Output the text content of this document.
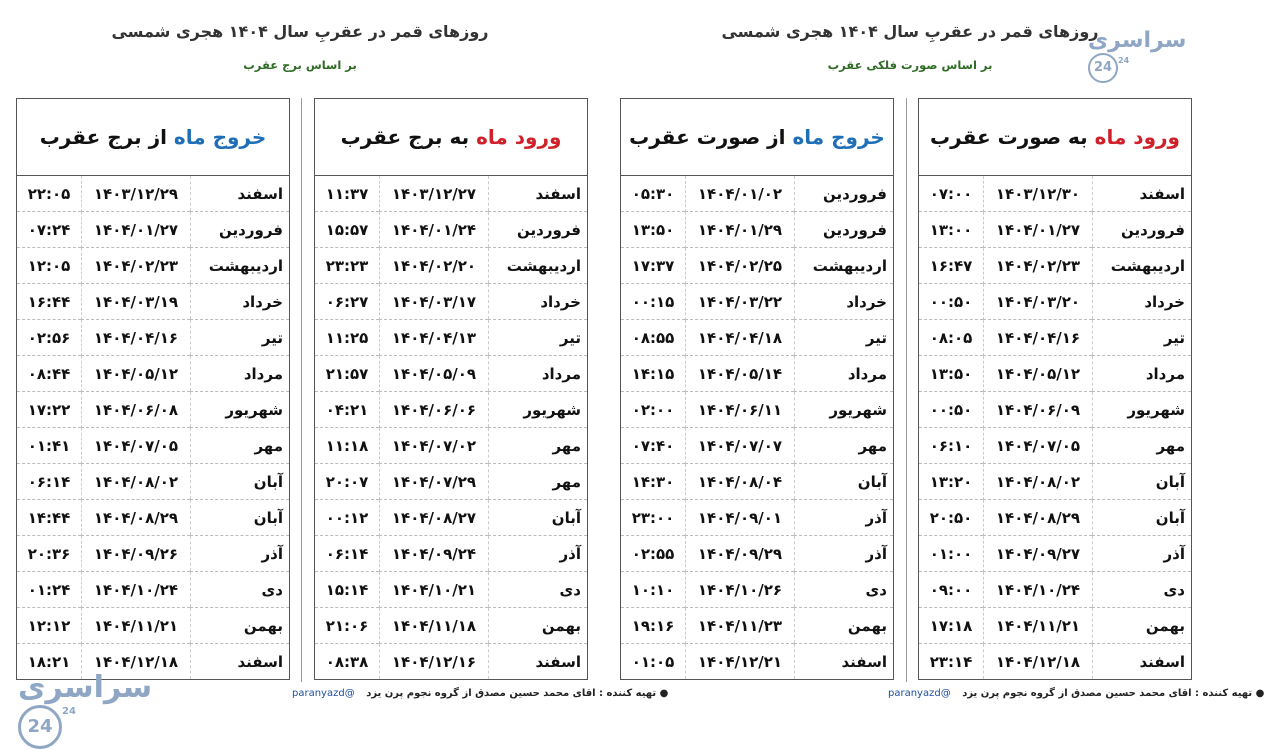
روزهای قمر در عقربِ سال ۱۴۰۴ هجری شمسی
بر اساس برج عقرب
ورود ماه به برج عقرب		
اسفند	۱۴۰۳/۱۲/۲۷	۱۱:۳۷
فروردین	۱۴۰۴/۰۱/۲۴	۱۵:۵۷
اردیبهشت	۱۴۰۴/۰۲/۲۰	۲۳:۲۳
خرداد	۱۴۰۴/۰۳/۱۷	۰۶:۲۷
تیر	۱۴۰۴/۰۴/۱۳	۱۱:۲۵
مرداد	۱۴۰۴/۰۵/۰۹	۲۱:۵۷
شهریور	۱۴۰۴/۰۶/۰۶	۰۴:۲۱
مهر	۱۴۰۴/۰۷/۰۲	۱۱:۱۸
مهر	۱۴۰۴/۰۷/۲۹	۲۰:۰۷
آبان	۱۴۰۴/۰۸/۲۷	۰۰:۱۲
آذر	۱۴۰۴/۰۹/۲۴	۰۶:۱۴
دی	۱۴۰۴/۱۰/۲۱	۱۵:۱۴
بهمن	۱۴۰۴/۱۱/۱۸	۲۱:۰۶
اسفند	۱۴۰۴/۱۲/۱۶	۰۸:۳۸
خروج ماه از برج عقرب		
اسفند	۱۴۰۳/۱۲/۲۹	۲۲:۰۵
فروردین	۱۴۰۴/۰۱/۲۷	۰۷:۲۴
اردیبهشت	۱۴۰۴/۰۲/۲۳	۱۲:۰۵
خرداد	۱۴۰۴/۰۳/۱۹	۱۶:۴۴
تیر	۱۴۰۴/۰۴/۱۶	۰۲:۵۶
مرداد	۱۴۰۴/۰۵/۱۲	۰۸:۴۴
شهریور	۱۴۰۴/۰۶/۰۸	۱۷:۲۲
مهر	۱۴۰۴/۰۷/۰۵	۰۱:۴۱
آبان	۱۴۰۴/۰۸/۰۲	۰۶:۱۴
آبان	۱۴۰۴/۰۸/۲۹	۱۴:۴۴
آذر	۱۴۰۴/۰۹/۲۶	۲۰:۳۶
دی	۱۴۰۴/۱۰/۲۴	۰۱:۲۴
بهمن	۱۴۰۴/۱۱/۲۱	۱۲:۱۲
اسفند	۱۴۰۴/۱۲/۱۸	۱۸:۲۱
● تهیه کننده : اقای محمد حسین مصدق از گروه نجوم پرن یزد @paranyazd
سراسری 24
24
روزهای قمر در عقربِ سال ۱۴۰۴ هجری شمسی
بر اساس صورت فلکی عقرب
ورود ماه به صورت عقرب		
اسفند	۱۴۰۳/۱۲/۳۰	۰۷:۰۰
فروردین	۱۴۰۴/۰۱/۲۷	۱۳:۰۰
اردیبهشت	۱۴۰۴/۰۲/۲۳	۱۶:۴۷
خرداد	۱۴۰۴/۰۳/۲۰	۰۰:۵۰
تیر	۱۴۰۴/۰۴/۱۶	۰۸:۰۵
مرداد	۱۴۰۴/۰۵/۱۲	۱۳:۵۰
شهریور	۱۴۰۴/۰۶/۰۹	۰۰:۵۰
مهر	۱۴۰۴/۰۷/۰۵	۰۶:۱۰
آبان	۱۴۰۴/۰۸/۰۲	۱۳:۲۰
آبان	۱۴۰۴/۰۸/۲۹	۲۰:۵۰
آذر	۱۴۰۴/۰۹/۲۷	۰۱:۰۰
دی	۱۴۰۴/۱۰/۲۴	۰۹:۰۰
بهمن	۱۴۰۴/۱۱/۲۱	۱۷:۱۸
اسفند	۱۴۰۴/۱۲/۱۸	۲۳:۱۴
خروج ماه از صورت عقرب		
فروردین	۱۴۰۴/۰۱/۰۲	۰۵:۳۰
فروردین	۱۴۰۴/۰۱/۲۹	۱۳:۵۰
اردیبهشت	۱۴۰۴/۰۲/۲۵	۱۷:۳۷
خرداد	۱۴۰۴/۰۳/۲۲	۰۰:۱۵
تیر	۱۴۰۴/۰۴/۱۸	۰۸:۵۵
مرداد	۱۴۰۴/۰۵/۱۴	۱۴:۱۵
شهریور	۱۴۰۴/۰۶/۱۱	۰۲:۰۰
مهر	۱۴۰۴/۰۷/۰۷	۰۷:۴۰
آبان	۱۴۰۴/۰۸/۰۴	۱۴:۳۰
آذر	۱۴۰۴/۰۹/۰۱	۲۳:۰۰
آذر	۱۴۰۴/۰۹/۲۹	۰۲:۵۵
دی	۱۴۰۴/۱۰/۲۶	۱۰:۱۰
بهمن	۱۴۰۴/۱۱/۲۳	۱۹:۱۶
اسفند	۱۴۰۴/۱۲/۲۱	۰۱:۰۵
● تهیه کننده : اقای محمد حسین مصدق از گروه نجوم پرن یزد @paranyazd
سراسری 24 24
